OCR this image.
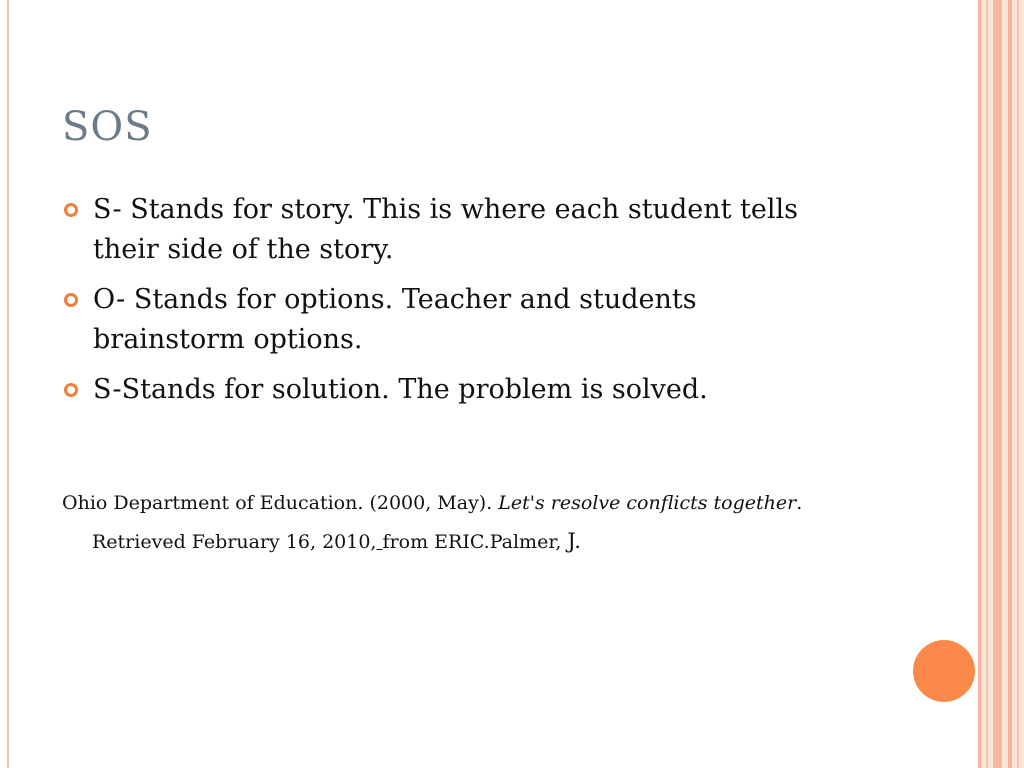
SOS
S- Stands for story. This is where each student tells their side of the story.
O- Stands for options. Teacher and students brainstorm options.
S-Stands for solution. The problem is solved.
Ohio Department of Education. (2000, May). Let's resolve conflicts together.
Retrieved February 16, 2010, from ERIC.Palmer, J.
